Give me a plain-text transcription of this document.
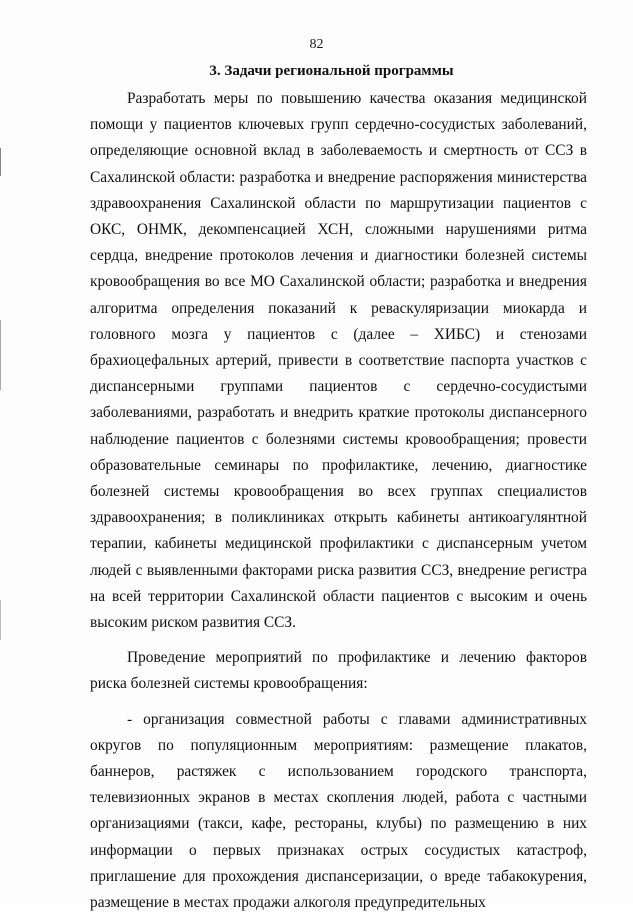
82
3. Задачи региональной программы

Разработать меры по повышению качества оказания медицинской помощи у пациентов ключевых групп сердечно-сосудистых заболеваний, определяющие основной вклад в заболеваемость и смертность от ССЗ в Сахалинской области: разработка и внедрение распоряжения министерства здравоохранения Сахалинской области по маршрутизации пациентов с ОКС, ОНМК, декомпенсацией ХСН, сложными нарушениями ритма сердца, внедрение протоколов лечения и диагностики болезней системы кровообращения во все МО Сахалинской области; разработка и внедрения алгоритма определения показаний к реваскуляризации миокарда и головного мозга у пациентов с (далее – ХИБС) и стенозами брахиоцефальных артерий, привести в соответствие паспорта участков с диспансерными группами пациентов с сердечно-сосудистыми заболеваниями, разработать и внедрить краткие протоколы диспансерного наблюдение пациентов с болезнями системы кровообращения; провести образовательные семинары по профилактике, лечению, диагностике болезней системы кровообращения во всех группах специалистов здравоохранения; в поликлиниках открыть кабинеты антикоагулянтной терапии, кабинеты медицинской профилактики с диспансерным учетом людей с выявленными факторами риска развития ССЗ, внедрение регистра на всей территории Сахалинской области пациентов с высоким и очень высоким риском развития ССЗ.

Проведение мероприятий по профилактике и лечению факторов риска болезней системы кровообращения:

- организация совместной работы с главами административных округов по популяционным мероприятиям: размещение плакатов, баннеров, растяжек с использованием городского транспорта, телевизионных экранов в местах скопления людей, работа с частными организациями (такси, кафе, рестораны, клубы) по размещению в них информации о первых признаках острых сосудистых катастроф, приглашение для прохождения диспансеризации, о вреде табакокурения, размещение в местах продажи алкоголя предупредительных
